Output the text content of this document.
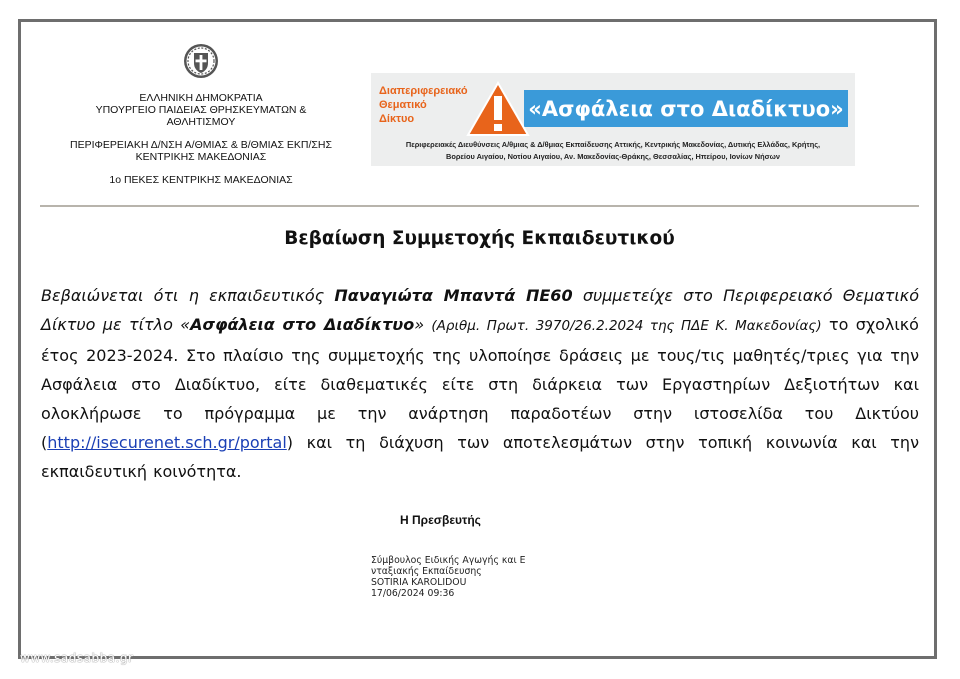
ΕΛΛΗΝΙΚΗ ΔΗΜΟΚΡΑΤΙΑ
ΥΠΟΥΡΓΕΙΟ ΠΑΙΔΕΙΑΣ ΘΡΗΣΚΕΥΜΑΤΩΝ &
ΑΘΛΗΤΙΣΜΟΥ
ΠΕΡΙΦΕΡΕΙΑΚΗ Δ/ΝΣΗ Α/ΘΜΙΑΣ & Β/ΘΜΙΑΣ ΕΚΠ/ΣΗΣ
ΚΕΝΤΡΙΚΗΣ ΜΑΚΕΔΟΝΙΑΣ
1ο ΠΕΚΕΣ ΚΕΝΤΡΙΚΗΣ ΜΑΚΕΔΟΝΙΑΣ
Διαπεριφερειακό
Θεματικό
Δίκτυο	«Ασφάλεια στο Διαδίκτυο»
Περιφερειακές Διευθύνσεις Α/θμιας & Δ/θμιας Εκπαίδευσης Αττικής, Κεντρικής Μακεδονίας, Δυτικής Ελλάδας, Κρήτης,
Βορείου Αιγαίου, Νοτίου Αιγαίου, Αν. Μακεδονίας-Θράκης, Θεσσαλίας, Ηπείρου, Ιονίων Νήσων
Βεβαίωση Συμμετοχής Εκπαιδευτικού
Βεβαιώνεται ότι η εκπαιδευτικός Παναγιώτα Μπαντά ΠΕ60 συμμετείχε στο Περιφερειακό Θεματικό Δίκτυο με τίτλο «Ασφάλεια στο Διαδίκτυο» (Αριθμ. Πρωτ. 3970/26.2.2024 της ΠΔΕ Κ. Μακεδονίας) το σχολικό έτος 2023-2024. Στο πλαίσιο της συμμετοχής της υλοποίησε δράσεις με τους/τις μαθητές/τριες για την Ασφάλεια στο Διαδίκτυο, είτε διαθεματικές είτε στη διάρκεια των Εργαστηρίων Δεξιοτήτων και ολοκλήρωσε το πρόγραμμα με την ανάρτηση παραδοτέων στην ιστοσελίδα του Δικτύου (http://isecurenet.sch.gr/portal) και τη διάχυση των αποτελεσμάτων στην τοπική κοινωνία και την εκπαιδευτική κοινότητα.
Η Πρεσβευτής
Σύμβουλος Ειδικής Αγωγής και Ε
νταξιακής Εκπαίδευσης
SOTIRIA KAROLIDOU
17/06/2024 09:36
www.sadsabba.gr
